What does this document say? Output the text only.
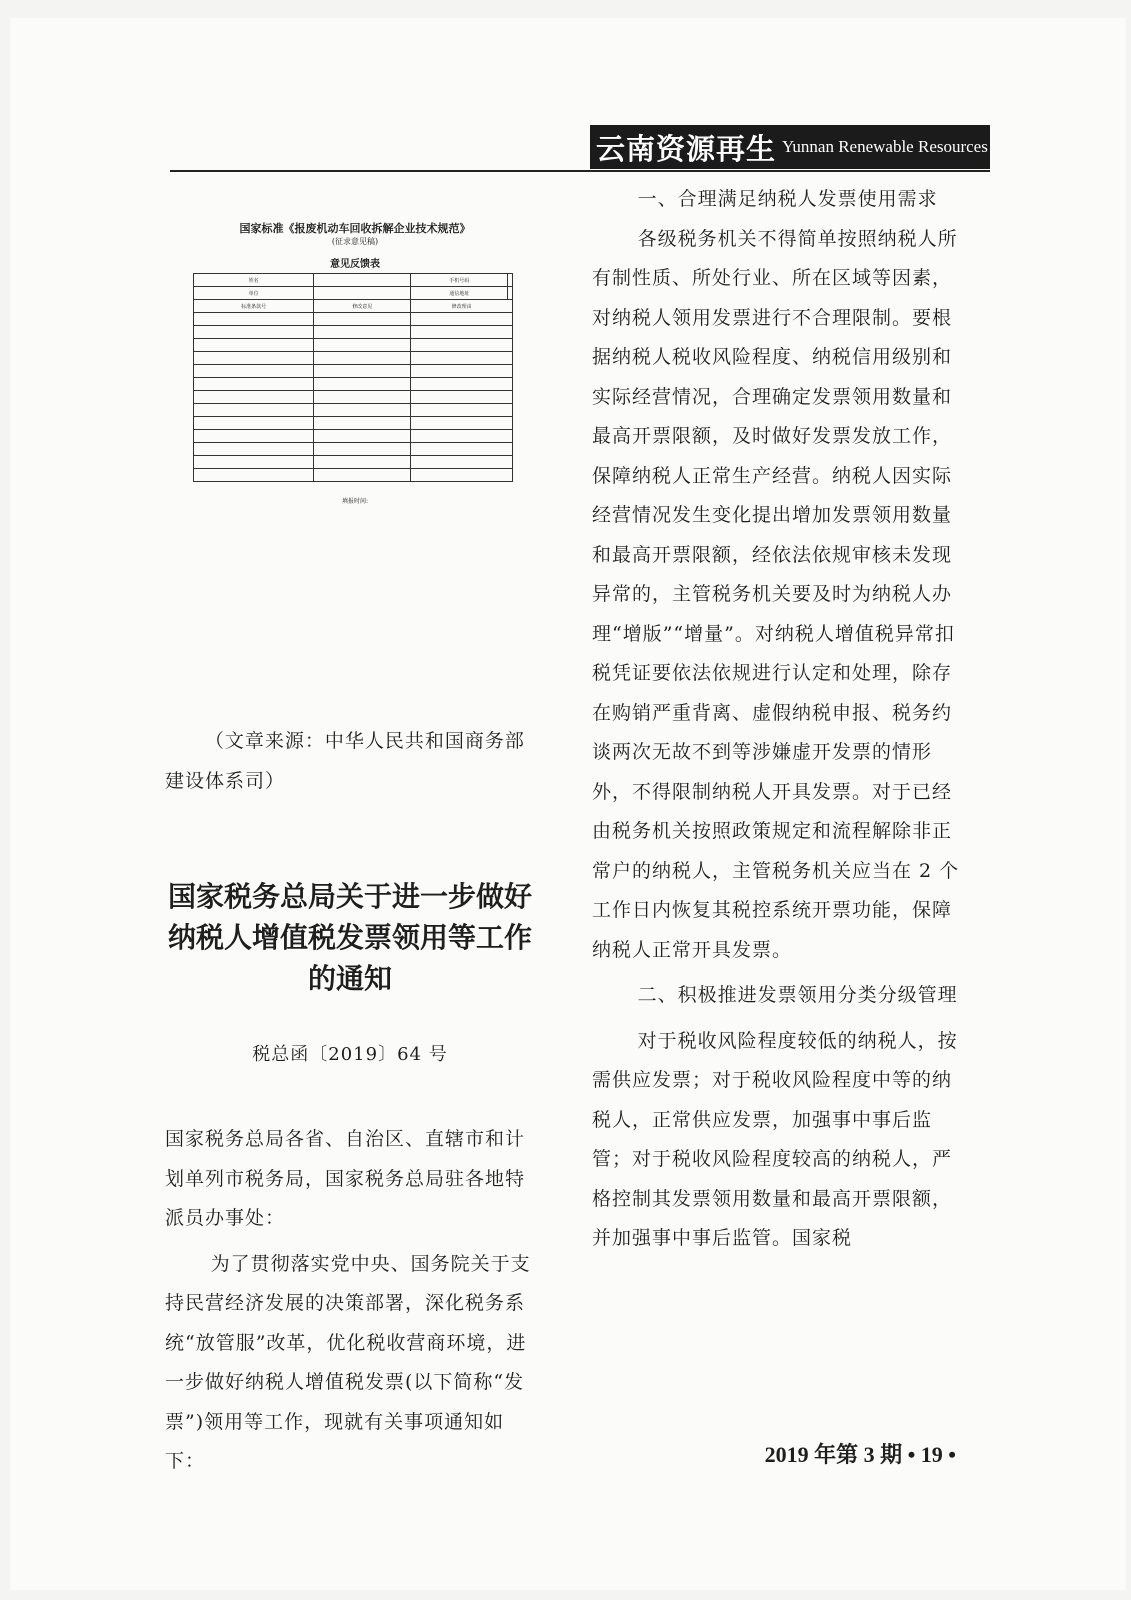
云南资源再生 Yunnan Renewable Resources
国家标准《报废机动车回收拆解企业技术规范》
(征求意见稿)
意见反馈表
姓名		手机号码	
单位		通信地址	
标准条款号	修改意见	修改理由	

填报时间:
（文章来源：中华人民共和国商务部建设体系司）
国家税务总局关于进一步做好纳税人增值税发票领用等工作的通知
税总函〔2019〕64 号

国家税务总局各省、自治区、直辖市和计划单列市税务局，国家税务总局驻各地特派员办事处：

为了贯彻落实党中央、国务院关于支持民营经济发展的决策部署，深化税务系统“放管服”改革，优化税收营商环境，进一步做好纳税人增值税发票(以下简称“发票”)领用等工作，现就有关事项通知如下：

一、合理满足纳税人发票使用需求

各级税务机关不得简单按照纳税人所有制性质、所处行业、所在区域等因素，对纳税人领用发票进行不合理限制。要根据纳税人税收风险程度、纳税信用级别和实际经营情况，合理确定发票领用数量和最高开票限额，及时做好发票发放工作，保障纳税人正常生产经营。纳税人因实际经营情况发生变化提出增加发票领用数量和最高开票限额，经依法依规审核未发现异常的，主管税务机关要及时为纳税人办理“增版”“增量”。对纳税人增值税异常扣税凭证要依法依规进行认定和处理，除存在购销严重背离、虚假纳税申报、税务约谈两次无故不到等涉嫌虚开发票的情形外，不得限制纳税人开具发票。对于已经由税务机关按照政策规定和流程解除非正常户的纳税人，主管税务机关应当在 2 个工作日内恢复其税控系统开票功能，保障纳税人正常开具发票。

二、积极推进发票领用分类分级管理

对于税收风险程度较低的纳税人，按需供应发票；对于税收风险程度中等的纳税人，正常供应发票，加强事中事后监管；对于税收风险程度较高的纳税人，严格控制其发票领用数量和最高开票限额，并加强事中事后监管。国家税

2019 年第 3 期 • 19 •
